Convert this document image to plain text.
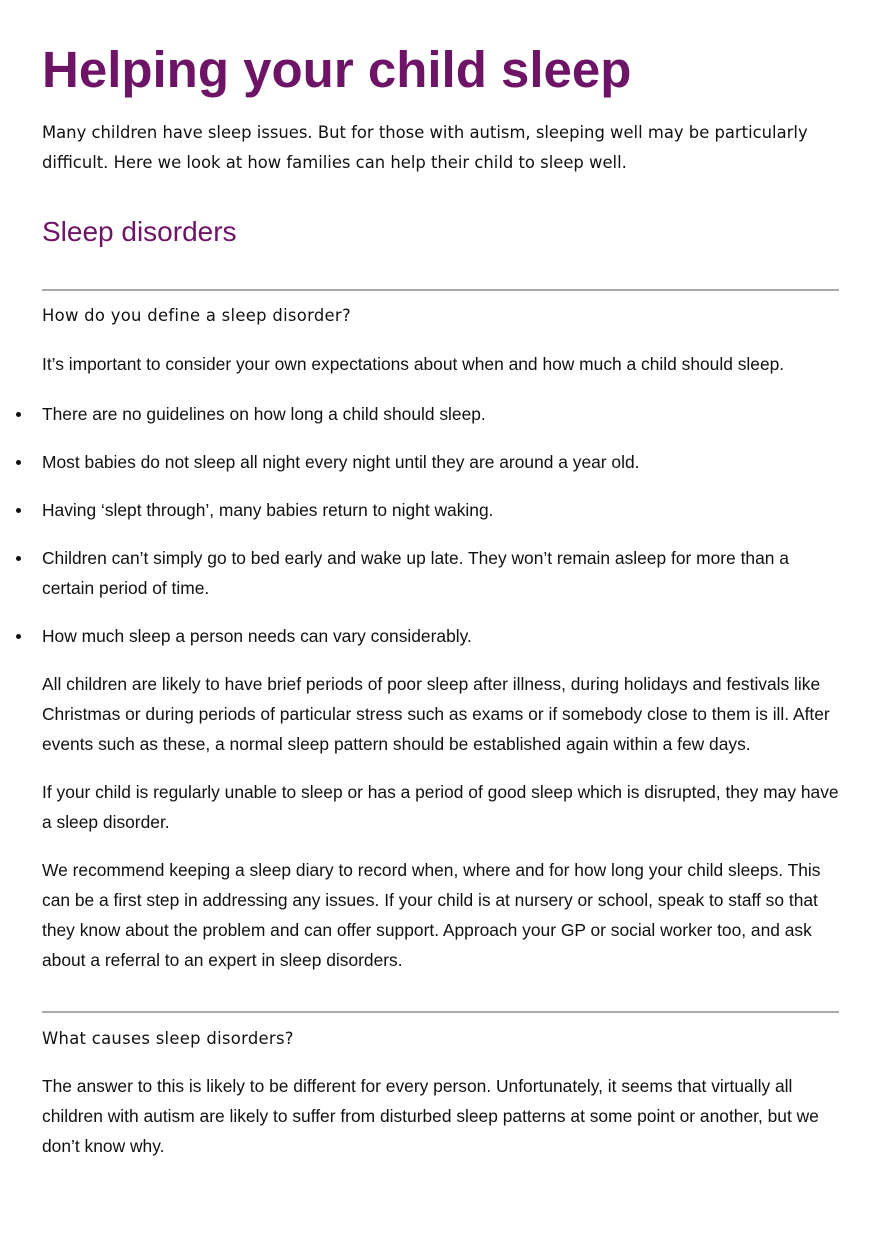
Helping your child sleep

Many children have sleep issues. But for those with autism, sleeping well may be particularly difficult. Here we look at how families can help their child to sleep well.

Sleep disorders

How do you define a sleep disorder?

It’s important to consider your own expectations about when and how much a child should sleep.

There are no guidelines on how long a child should sleep.
Most babies do not sleep all night every night until they are around a year old.
Having ‘slept through’, many babies return to night waking.
Children can’t simply go to bed early and wake up late. They won’t remain asleep for more than a certain period of time.
How much sleep a person needs can vary considerably.

All children are likely to have brief periods of poor sleep after illness, during holidays and festivals like Christmas or during periods of particular stress such as exams or if somebody close to them is ill. After events such as these, a normal sleep pattern should be established again within a few days.

If your child is regularly unable to sleep or has a period of good sleep which is disrupted, they may have a sleep disorder.

We recommend keeping a sleep diary to record when, where and for how long your child sleeps. This can be a first step in addressing any issues. If your child is at nursery or school, speak to staff so that they know about the problem and can offer support. Approach your GP or social worker too, and ask about a referral to an expert in sleep disorders.

What causes sleep disorders?

The answer to this is likely to be different for every person. Unfortunately, it seems that virtually all children with autism are likely to suffer from disturbed sleep patterns at some point or another, but we don’t know why.
